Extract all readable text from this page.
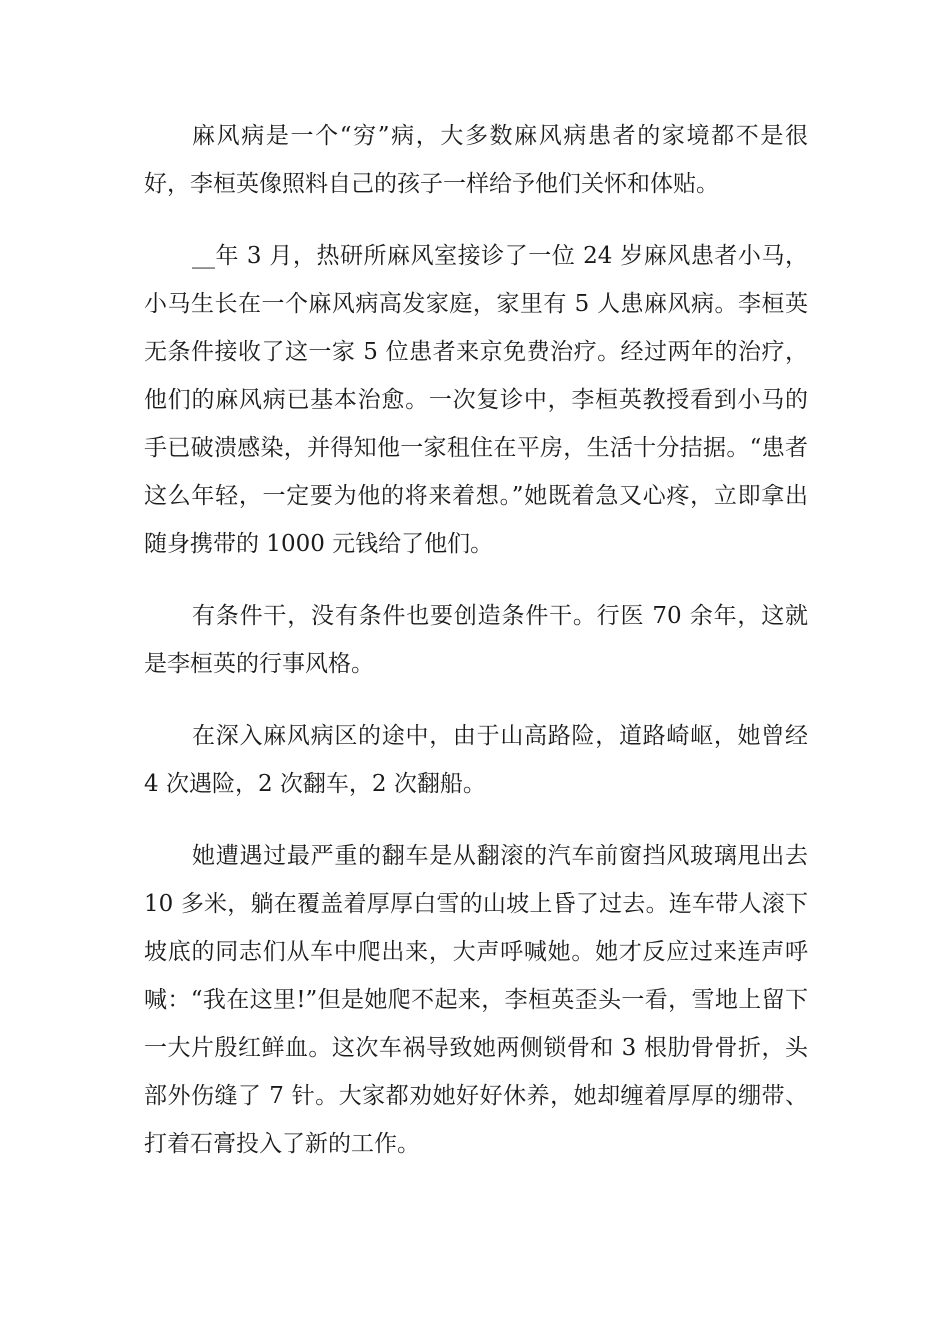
麻风病是一个“穷”病，大多数麻风病患者的家境都不是很好，李桓英像照料自己的孩子一样给予他们关怀和体贴。

__年 3 月，热研所麻风室接诊了一位 24 岁麻风患者小马，小马生长在一个麻风病高发家庭，家里有 5 人患麻风病。李桓英无条件接收了这一家 5 位患者来京免费治疗。经过两年的治疗，他们的麻风病已基本治愈。一次复诊中，李桓英教授看到小马的手已破溃感染，并得知他一家租住在平房，生活十分拮据。“患者这么年轻，一定要为他的将来着想。”她既着急又心疼，立即拿出随身携带的 1000 元钱给了他们。

有条件干，没有条件也要创造条件干。行医 70 余年，这就是李桓英的行事风格。

在深入麻风病区的途中，由于山高路险，道路崎岖，她曾经 4 次遇险，2 次翻车，2 次翻船。

她遭遇过最严重的翻车是从翻滚的汽车前窗挡风玻璃甩出去 10 多米，躺在覆盖着厚厚白雪的山坡上昏了过去。连车带人滚下坡底的同志们从车中爬出来，大声呼喊她。她才反应过来连声呼喊：“我在这里!”但是她爬不起来，李桓英歪头一看，雪地上留下一大片殷红鲜血。这次车祸导致她两侧锁骨和 3 根肋骨骨折，头部外伤缝了 7 针。大家都劝她好好休养，她却缠着厚厚的绷带、打着石膏投入了新的工作。
